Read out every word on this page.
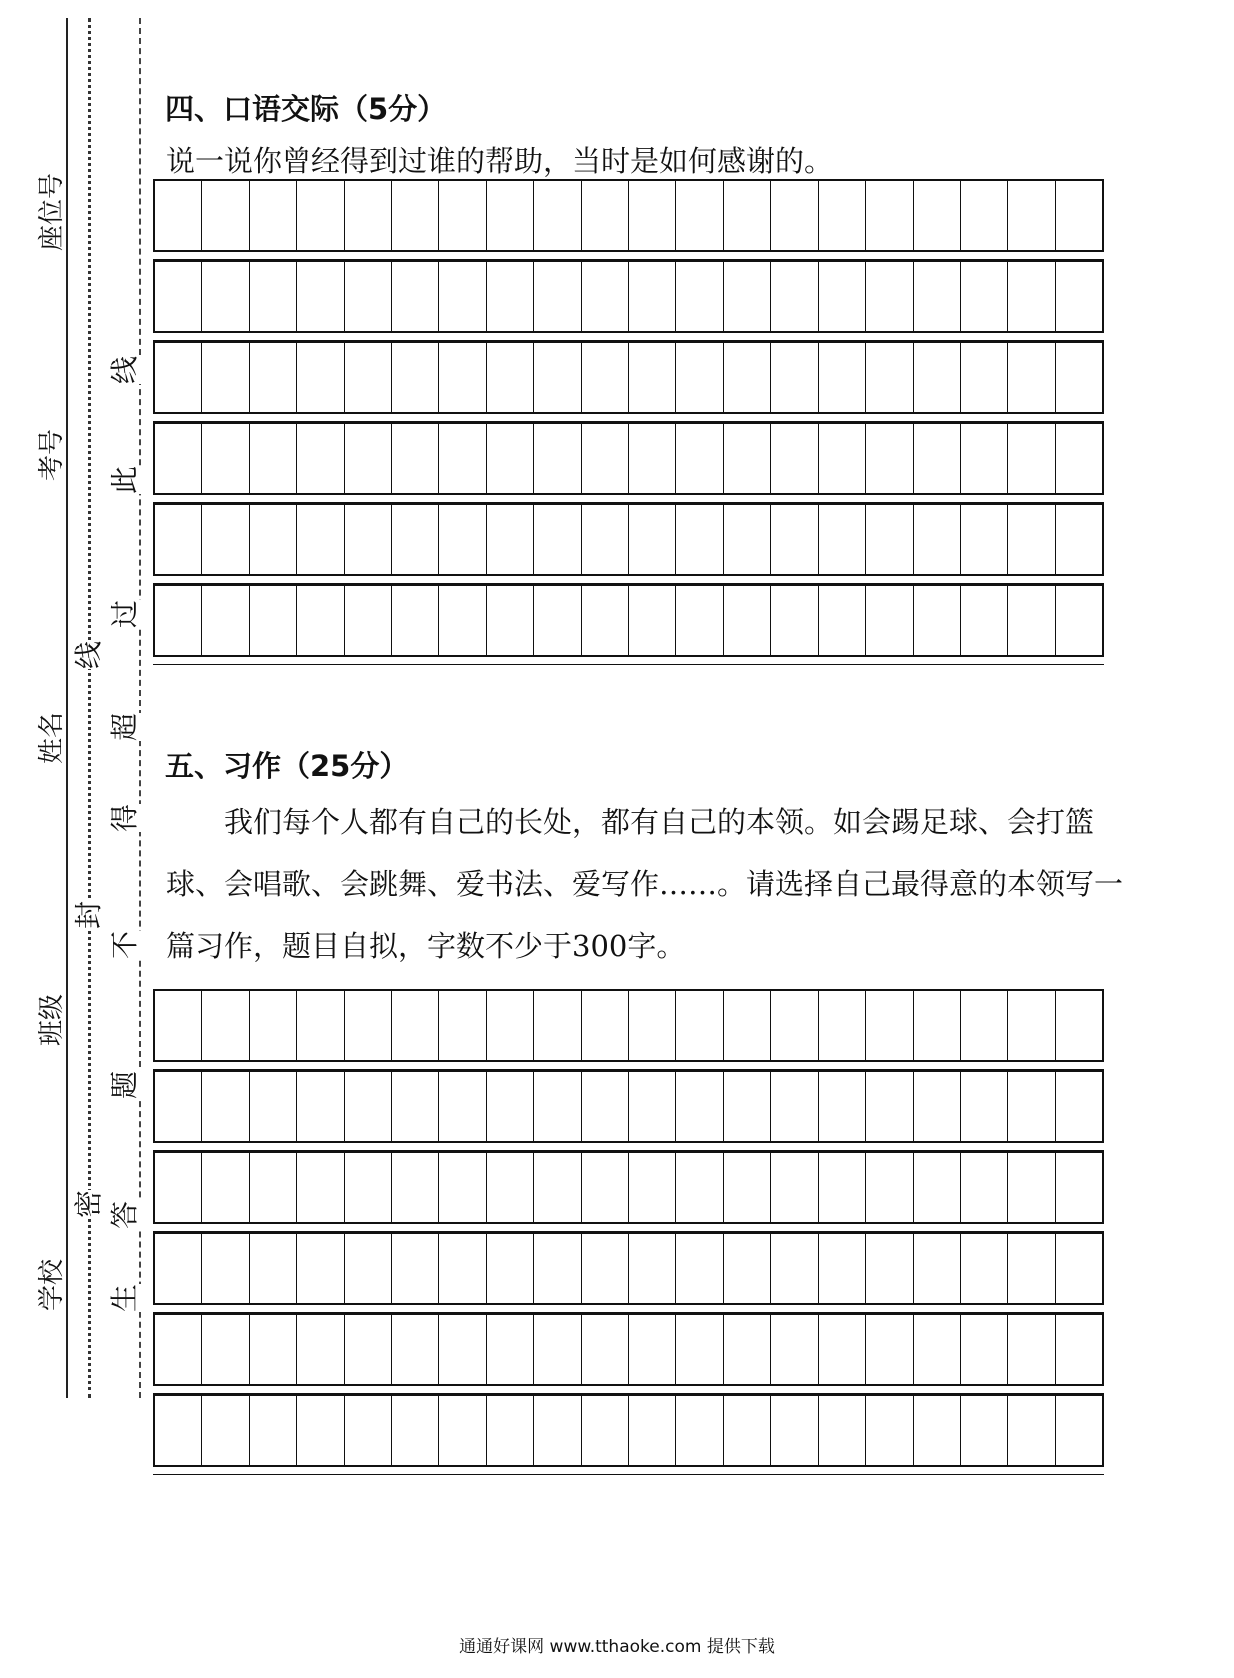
学校
班级
姓名
考号
座位号
密
封
线
生
答
题
不
得
超
过
此
线
四、口语交际（5分）

说一说你曾经得到过谁的帮助，当时是如何感谢的。

五、习作（25分）

我们每个人都有自己的长处，都有自己的本领。如会踢足球、会打篮球、会唱歌、会跳舞、爱书法、爱写作……。请选择自己最得意的本领写一篇习作，题目自拟，字数不少于300字。

通通好课网 www.tthaoke.com 提供下载
